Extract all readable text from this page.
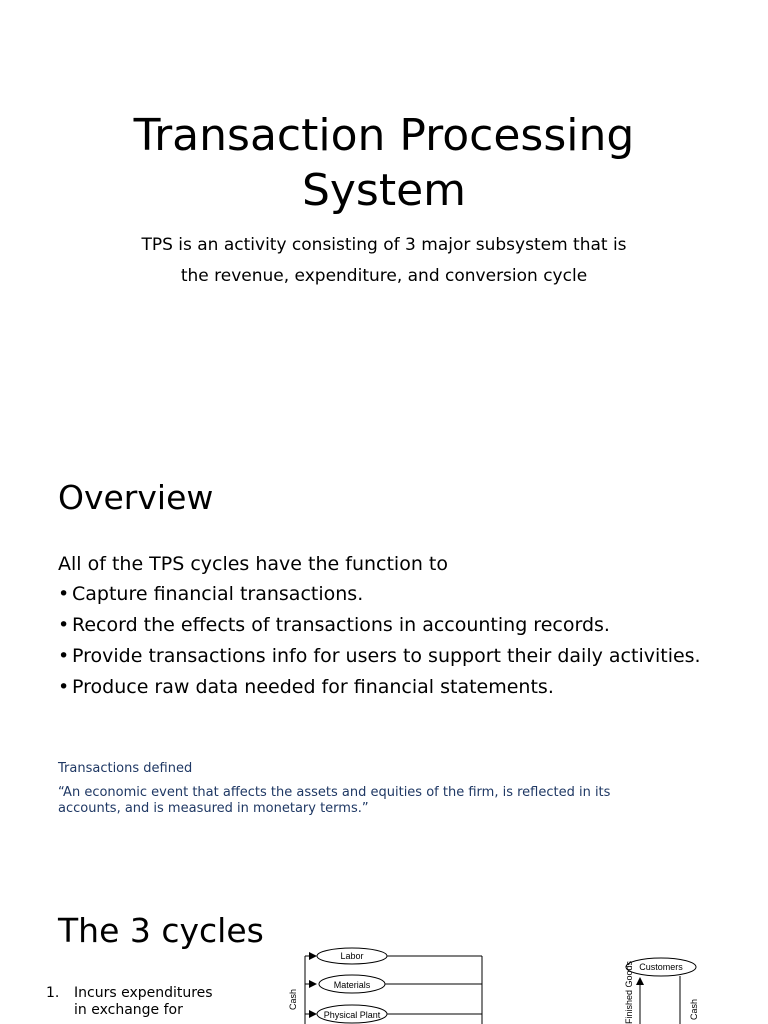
Transaction Processing
System
TPS is an activity consisting of 3 major subsystem that is
the revenue, expenditure, and conversion cycle
Overview
All of the TPS cycles have the function to
• Capture financial transactions.
• Record the effects of transactions in accounting records.
• Provide transactions info for users to support their daily activities.
• Produce raw data needed for financial statements.
Transactions defined
“An economic event that affects the assets and equities of the firm, is reflected in its accounts, and is measured in monetary terms.”
The 3 cycles
1. Incurs expenditures in exchange for
Labor
Materials
Physical Plant
Cash
Customers
Finished Goods	Cash
